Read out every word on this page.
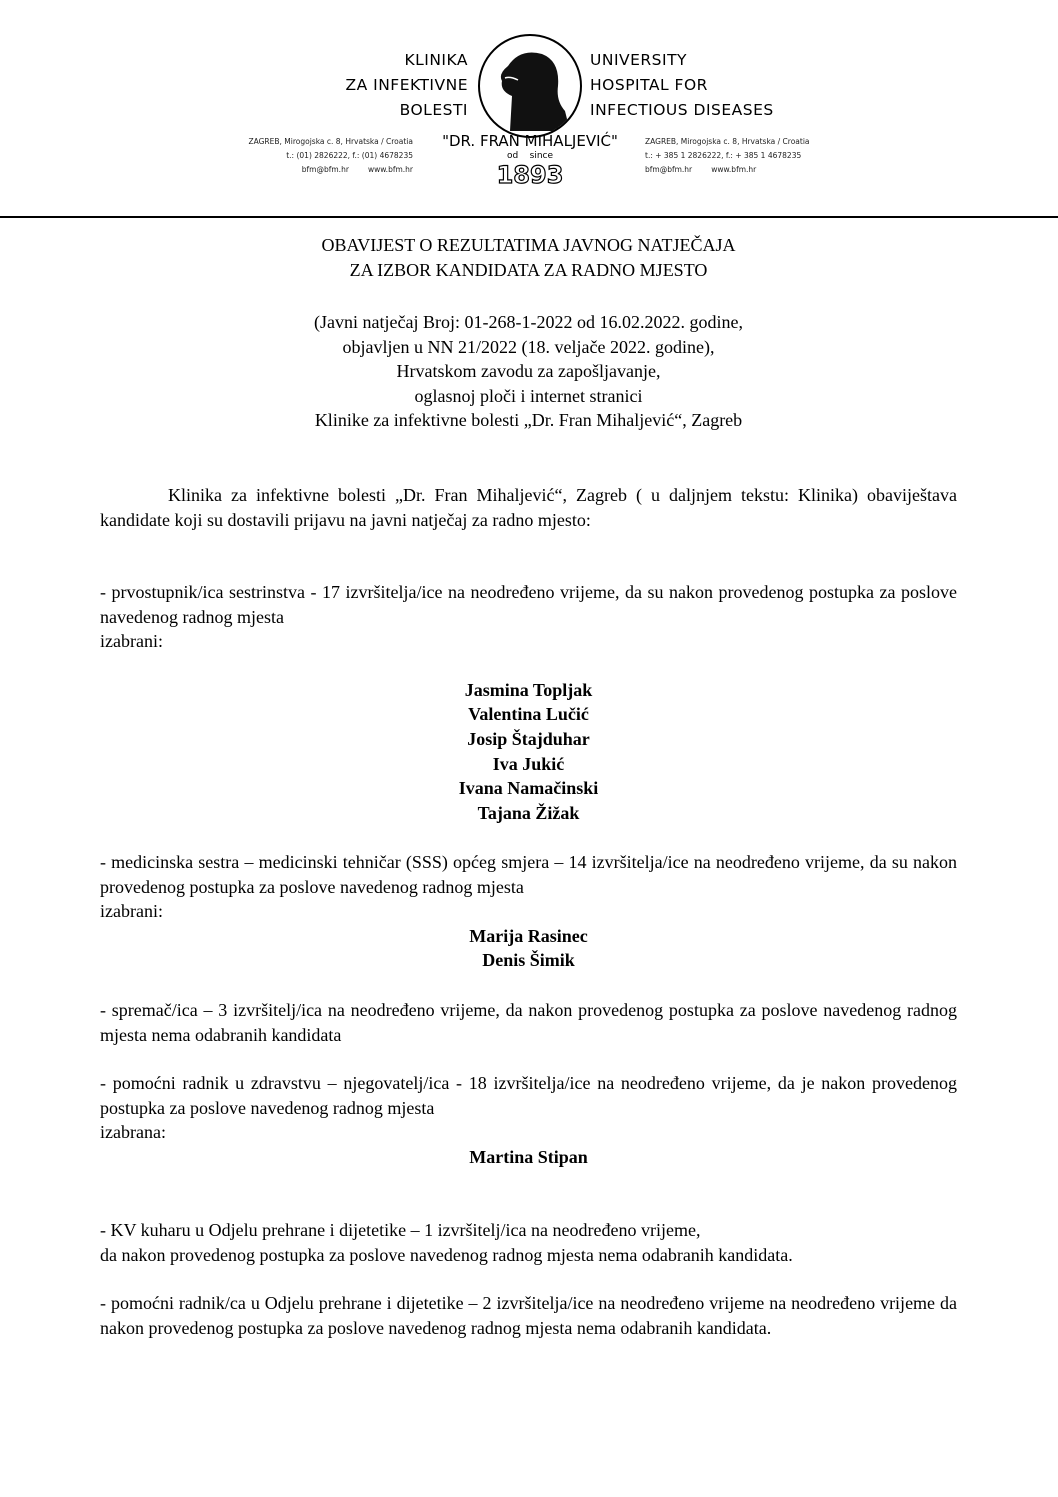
KLINIKA
ZA INFEKTIVNE
BOLESTI
UNIVERSITY
HOSPITAL FOR
INFECTIOUS DISEASES
"DR. FRAN MIHALJEVIĆ"
ZAGREB, Mirogojska c. 8, Hrvatska / Croatia
t.: (01) 2826222, f.: (01) 4678235
bfm@bfm.hr        www.bfm.hr
ZAGREB, Mirogojska c. 8, Hrvatska / Croatia
t.: + 385 1 2826222, f.: + 385 1 4678235
bfm@bfm.hr        www.bfm.hr
od    since
1893
OBAVIJEST O REZULTATIMA JAVNOG NATJEČAJA
ZA IZBOR KANDIDATA ZA RADNO MJESTO
(Javni natječaj Broj: 01-268-1-2022 od 16.02.2022. godine,
objavljen u NN 21/2022 (18. veljače 2022. godine),
Hrvatskom zavodu za zapošljavanje,
oglasnoj ploči i internet stranici
Klinike za infektivne bolesti „Dr. Fran Mihaljević“, Zagreb
Klinika za infektivne bolesti „Dr. Fran Mihaljević“, Zagreb ( u daljnjem tekstu: Klinika) obaviještava kandidate koji su dostavili prijavu na javni natječaj za radno mjesto:
- prvostupnik/ica sestrinstva - 17 izvršitelja/ice na neodređeno vrijeme, da su nakon provedenog postupka za poslove navedenog radnog mjesta
izabrani:
Jasmina Topljak
Valentina Lučić
Josip Štajduhar
Iva Jukić
Ivana Namačinski
Tajana Žižak
- medicinska sestra – medicinski tehničar (SSS) općeg smjera – 14 izvršitelja/ice na neodređeno vrijeme, da su nakon provedenog postupka za poslove navedenog radnog mjesta
izabrani:
Marija Rasinec
Denis Šimik
- spremač/ica – 3 izvršitelj/ica na neodređeno vrijeme, da nakon provedenog postupka za poslove navedenog radnog mjesta nema odabranih kandidata
- pomoćni radnik u zdravstvu – njegovatelj/ica - 18 izvršitelja/ice na neodređeno vrijeme, da je nakon provedenog postupka za poslove navedenog radnog mjesta
izabrana:
Martina Stipan
- KV kuharu u Odjelu prehrane i dijetetike – 1 izvršitelj/ica na neodređeno vrijeme,
da nakon provedenog postupka za poslove navedenog radnog mjesta nema odabranih kandidata.
- pomoćni radnik/ca u Odjelu prehrane i dijetetike – 2 izvršitelja/ice na neodređeno vrijeme na neodređeno vrijeme da nakon provedenog postupka za poslove navedenog radnog mjesta nema odabranih kandidata.
